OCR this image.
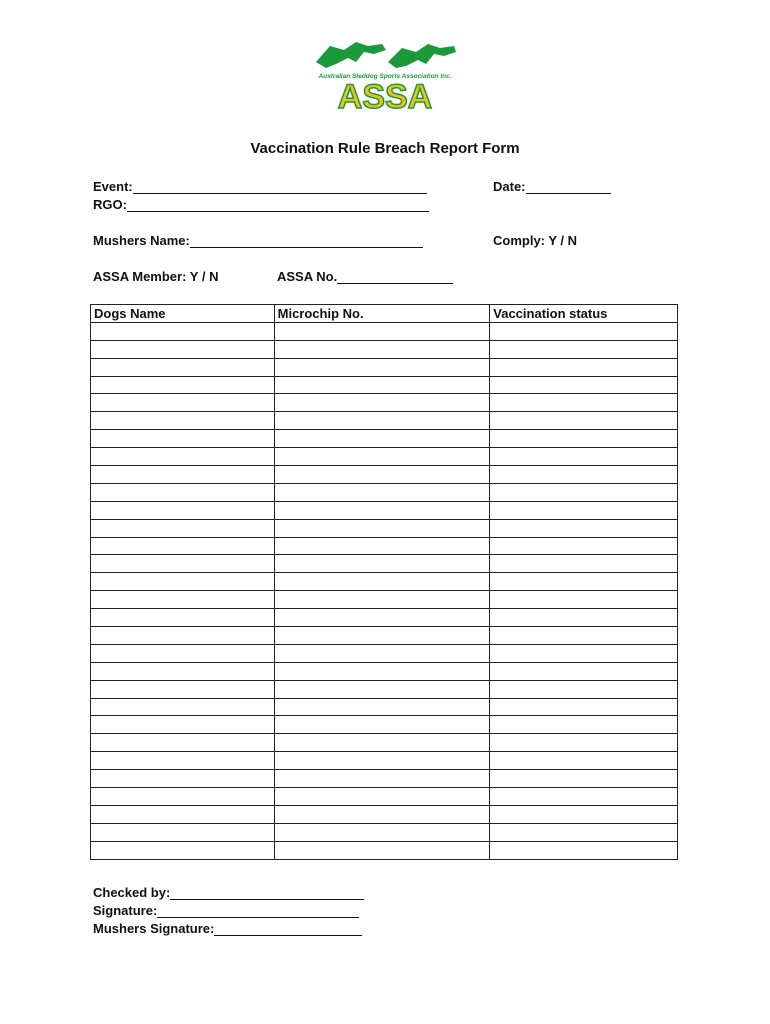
Australian Sleddog Sports Association Inc.
ASSA
Vaccination Rule Breach Report Form
Event:	Date:
RGO:
Mushers Name:	Comply: Y / N
ASSA Member: Y / N	ASSA No.
Dogs Name	Microchip No.	Vaccination status

Checked by:
Signature:
Mushers Signature:
